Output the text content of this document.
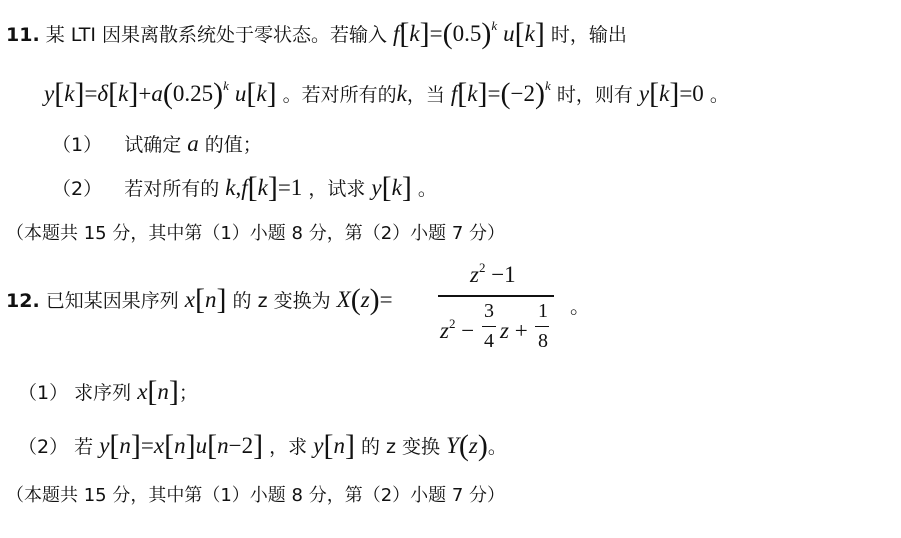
11. 某 LTI 因果离散系统处于零状态。若输入 $f[k]=(0.5)^k$ u[k] 时，输出
$y[k]=\delta[k]+a(0.25)^k$ u[k] 。若对所有的k，当 $f[k]=(-2)^k$ 时，则有 y[k]=0 。
（1） 试确定 a 的值；
（2） 若对所有的 k,f[k]=1 ，试求 y[k] 。
（本题共 15 分，其中第（1）小题 8 分，第（2）小题 7 分）
12. 已知某因果序列 x[n] 的 z 变换为 X(z)=
$z^2 -1$
$z^2$ −
3
4 z +
1
8
。
（1） 求序列 x[n]；
（2） 若 y[n]=x[n]u[n−2] ，求 y[n] 的 z 变换 Y(z)。
（本题共 15 分，其中第（1）小题 8 分，第（2）小题 7 分）
